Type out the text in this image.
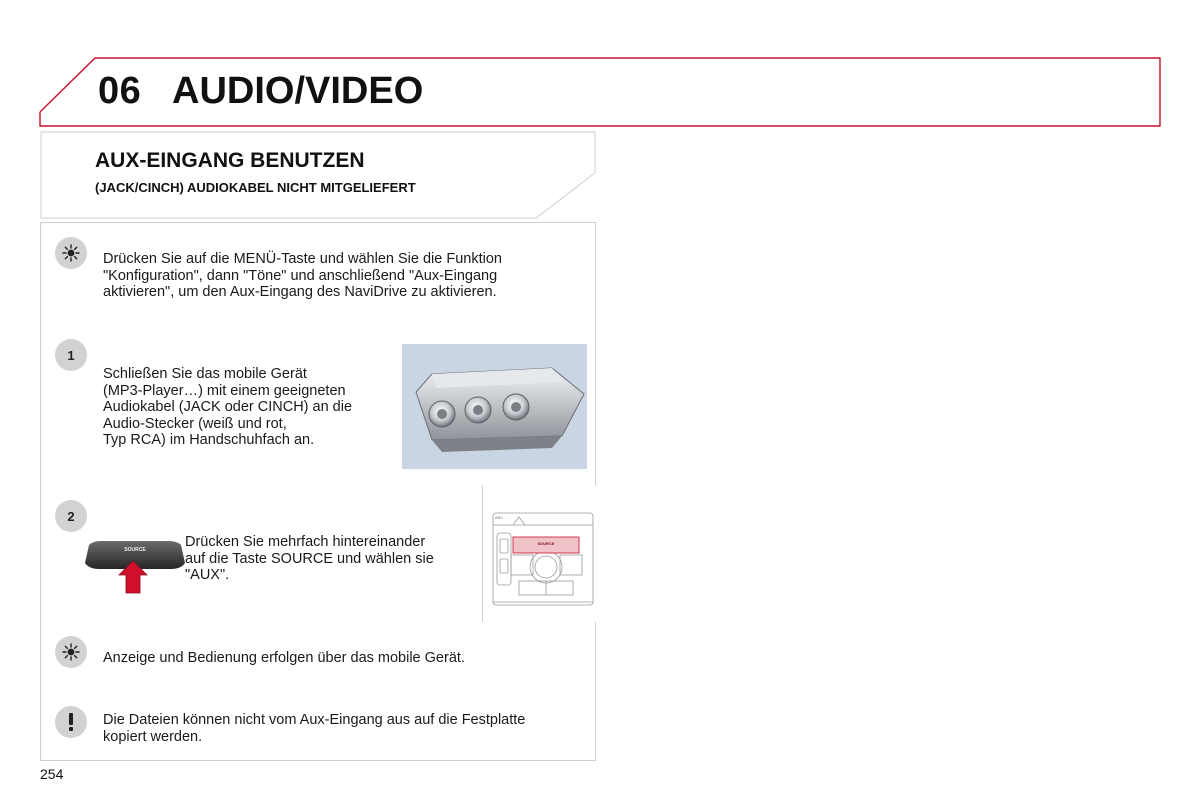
06 AUDIO/VIDEO
AUX-EINGANG BENUTZEN
(JACK/CINCH) AUDIOKABEL NICHT MITGELIEFERT
Drücken Sie auf die MENÜ-Taste und wählen Sie die Funktion
"Konfiguration", dann "Töne" und anschließend "Aux-Eingang
aktivieren", um den Aux-Eingang des NaviDrive zu aktivieren.
1
Schließen Sie das mobile Gerät
(MP3-Player…) mit einem geeigneten
Audiokabel (JACK oder CINCH) an die
Audio-Stecker (weiß und rot,
Typ RCA) im Handschuhfach an.
2
SOURCE	Drücken Sie mehrfach hintereinander
auf die Taste SOURCE und wählen sie
"AUX".
ABC
SOURCE
Anzeige und Bedienung erfolgen über das mobile Gerät.
Die Dateien können nicht vom Aux-Eingang aus auf die Festplatte
kopiert werden.
254
